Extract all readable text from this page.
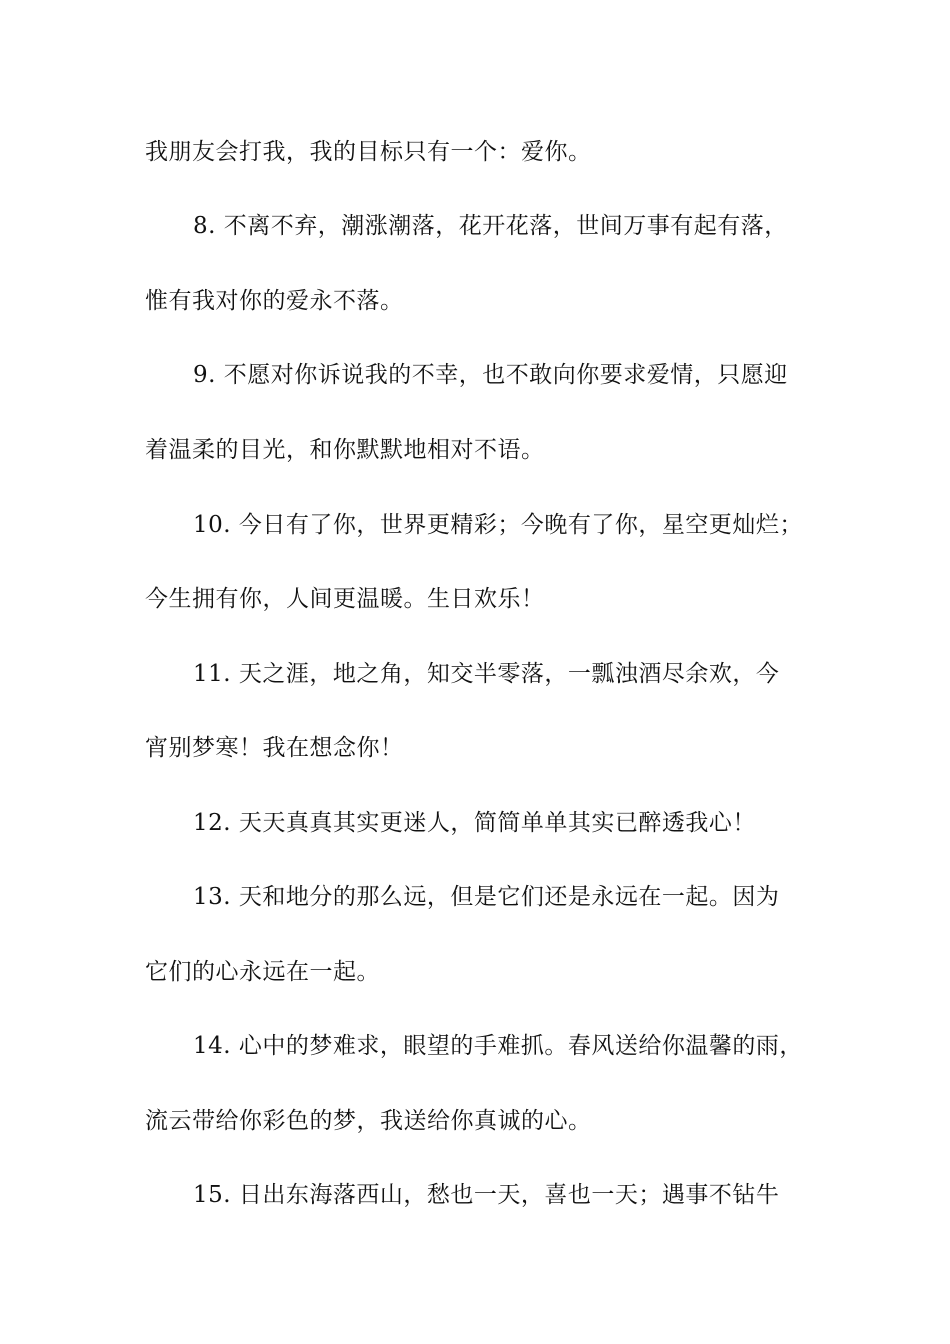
我朋友会打我，我的目标只有一个：爱你。
8. 不离不弃，潮涨潮落，花开花落，世间万事有起有落，
惟有我对你的爱永不落。
9. 不愿对你诉说我的不幸，也不敢向你要求爱情，只愿迎
着温柔的目光，和你默默地相对不语。
10. 今日有了你，世界更精彩；今晚有了你，星空更灿烂；
今生拥有你，人间更温暖。生日欢乐！
11. 天之涯，地之角，知交半零落，一瓢浊酒尽余欢，今
宵别梦寒！我在想念你！
12. 天天真真其实更迷人，简简单单其实已醉透我心！
13. 天和地分的那么远，但是它们还是永远在一起。因为
它们的心永远在一起。
14. 心中的梦难求，眼望的手难抓。春风送给你温馨的雨，
流云带给你彩色的梦，我送给你真诚的心。
15. 日出东海落西山，愁也一天，喜也一天；遇事不钻牛
